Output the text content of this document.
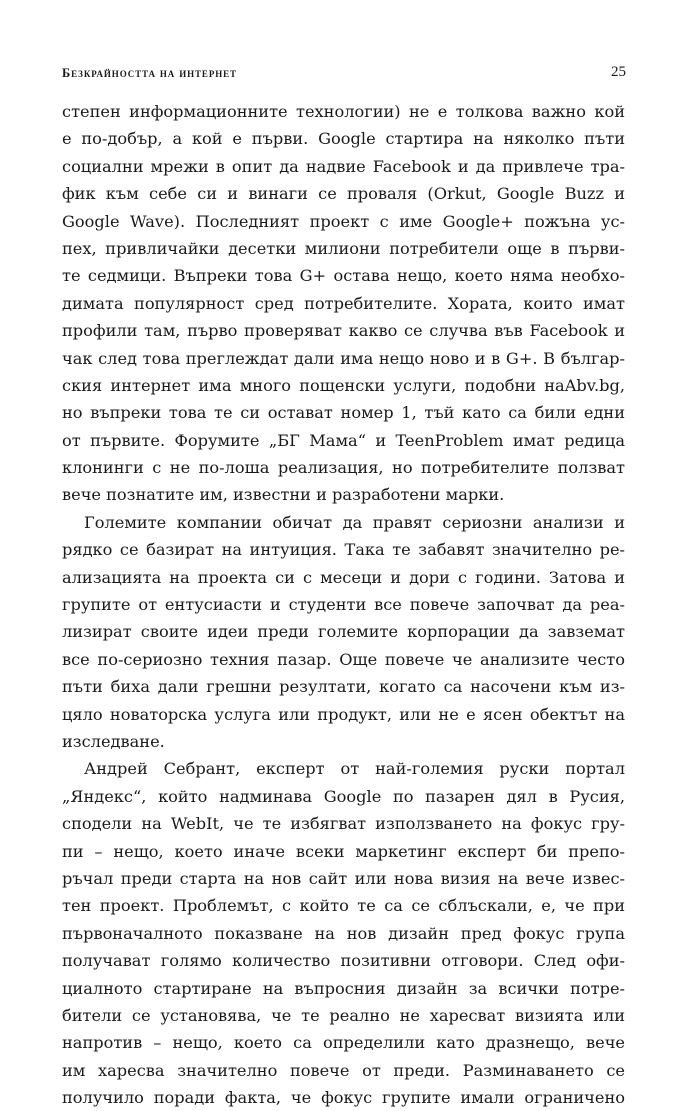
Безкрайността на интернет	25
степен информационните технологии) не е толкова важно кой
е по-добър, а кой е първи. Google стартира на няколко пъти
социални мрежи в опит да надвие Facebook и да привлече тра-
фик към себе си и винаги се проваля (Orkut, Google Buzz и
Google Wave). Последният проект с име Google+ пожъна ус-
пех, привличайки десетки милиони потребители още в първи-
те седмици. Въпреки това G+ остава нещо, което няма необхо-
димата популярност сред потребителите. Хората, които имат
профили там, първо проверяват какво се случва във Facebook и
чак след това преглеждат дали има нещо ново и в G+. В българ-
ския интернет има много пощенски услуги, подобни наAbv.bg,
но въпреки това те си остават номер 1, тъй като са били едни
от първите. Форумите „БГ Мама“ и TeenProblem имат редица
клонинги с не по-лоша реализация, но потребителите ползват
вече познатите им, известни и разработени марки.
Големите компании обичат да правят сериозни анализи и
рядко се базират на интуиция. Така те забавят значително ре-
ализацията на проекта си с месеци и дори с години. Затова и
групите от ентусиасти и студенти все повече започват да реа-
лизират своите идеи преди големите корпорации да завземат
все по-сериозно техния пазар. Още повече че анализите често
пъти биха дали грешни резултати, когато са насочени към из-
цяло новаторска услуга или продукт, или не е ясен обектът на
изследване.
Андрей Себрант, експерт от най-големия руски портал
„Яндекс“, който надминава Google по пазарен дял в Русия,
сподели на WebIt, че те избягват използването на фокус гру-
пи – нещо, което иначе всеки маркетинг експерт би препо-
ръчал преди старта на нов сайт или нова визия на вече извес-
тен проект. Проблемът, с който те са се сблъскали, е, че при
първоначалното показване на нов дизайн пред фокус група
получават голямо количество позитивни отговори. След офи-
циалното стартиране на въпросния дизайн за всички потре-
бители се установява, че те реално не харесват визията или
напротив – нещо, което са определили като дразнещо, вече
им харесва значително повече от преди. Разминаването се
получило поради факта, че фокус групите имали ограничено
